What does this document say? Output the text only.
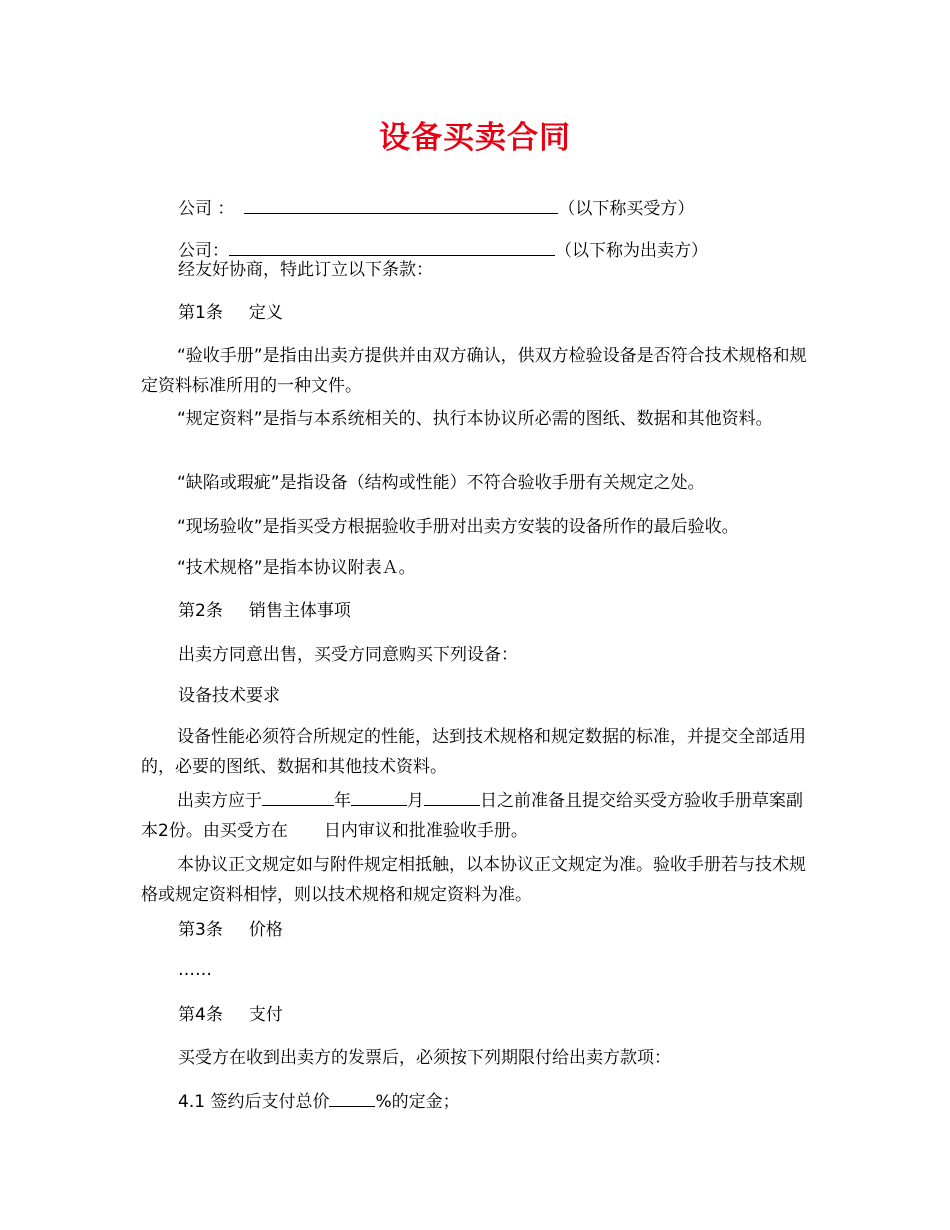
设备买卖合同
公司 ：	（以下称买受方）
公司：	（以下称为出卖方）
经友好协商，特此订立以下条款：
第1条 定义
“验收手册”是指由出卖方提供并由双方确认，供双方检验设备是否符合技术规格和规定资料标准所用的一种文件。
“规定资料”是指与本系统相关的、执行本协议所必需的图纸、数据和其他资料。
“缺陷或瑕疵”是指设备（结构或性能）不符合验收手册有关规定之处。
“现场验收”是指买受方根据验收手册对出卖方安装的设备所作的最后验收。
“技术规格”是指本协议附表Ａ。
第2条 销售主体事项
出卖方同意出售，买受方同意购买下列设备：
设备技术要求
设备性能必须符合所规定的性能，达到技术规格和规定数据的标准，并提交全部适用的，必要的图纸、数据和其他技术资料。
出卖方应于	年	月	日之前准备且提交给买受方验收手册草案副本2份。由买受方在 日内审议和批准验收手册。
本协议正文规定如与附件规定相抵触，以本协议正文规定为准。验收手册若与技术规格或规定资料相悖，则以技术规格和规定资料为准。
第3条 价格
……
第4条 支付
买受方在收到出卖方的发票后，必须按下列期限付给出卖方款项：
4.1 签约后支付总价	%的定金；
